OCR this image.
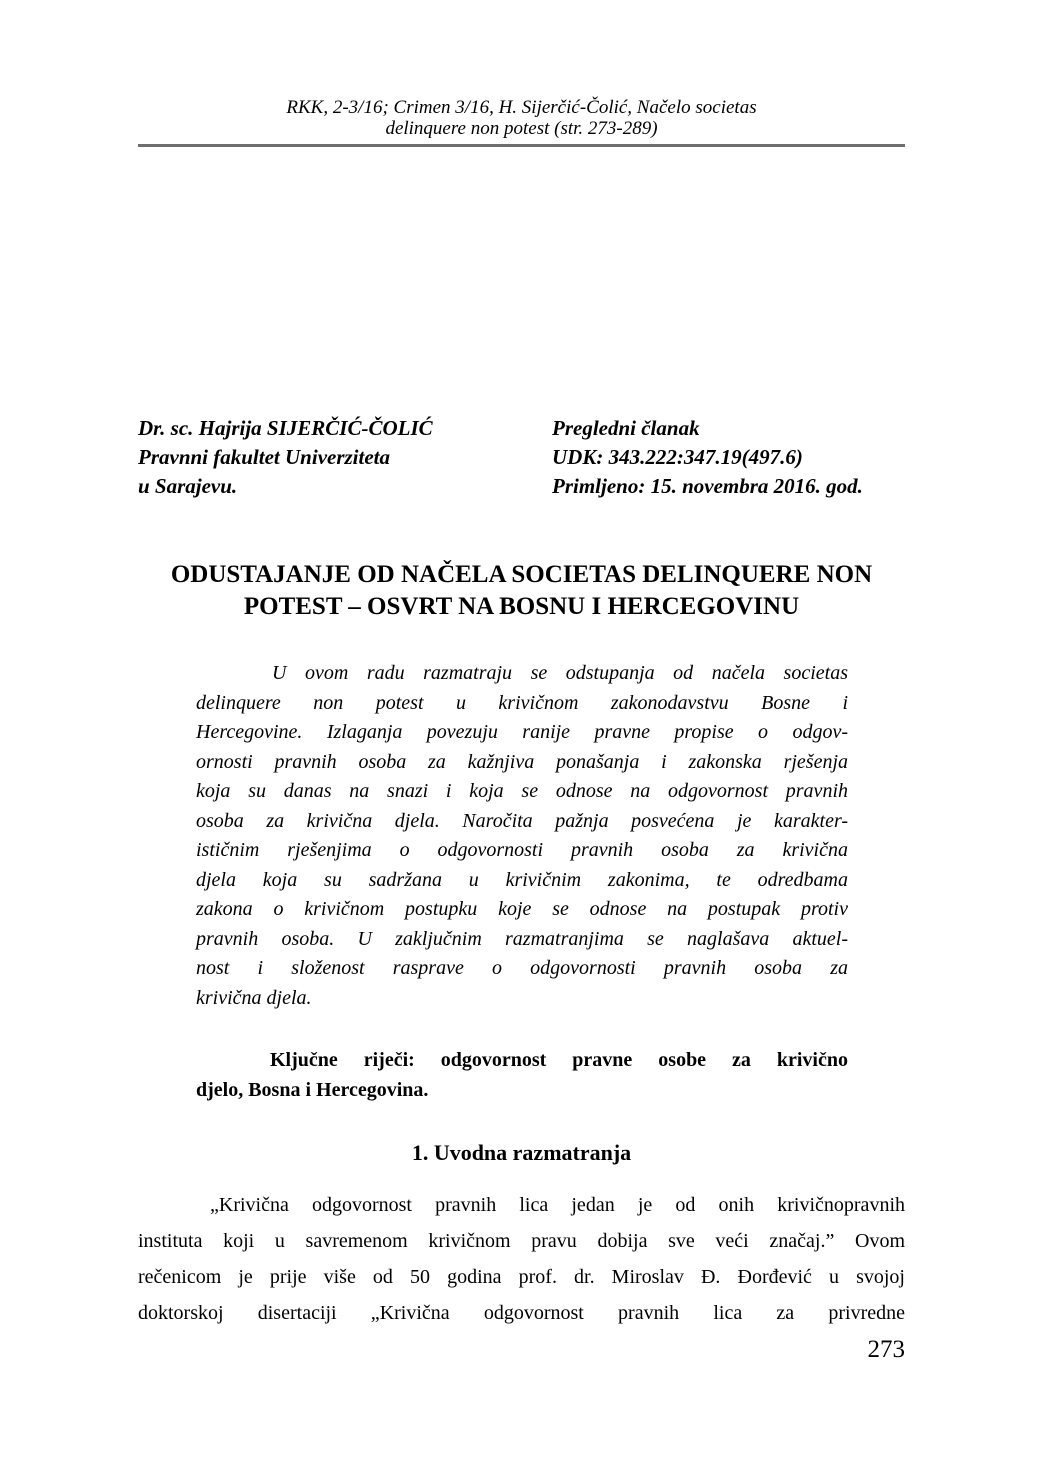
RKK, 2-3/16; Crimen 3/16, H. Sijerčić-Čolić, Načelo societas
delinquere non potest (str. 273-289)
Dr. sc. Hajrija SIJERČIĆ-ČOLIĆ
Pravnni fakultet Univerziteta
u Sarajevu.
Pregledni članak
UDK: 343.222:347.19(497.6)
Primljeno: 15. novembra 2016. god.
ODUSTAJANJE OD NAČELA SOCIETAS DELINQUERE NON
POTEST – OSVRT NA BOSNU I HERCEGOVINU
U ovom radu razmatraju se odstupanja od načela societas
delinquere non potest u krivičnom zakonodavstvu Bosne i
Hercegovine. Izlaganja povezuju ranije pravne propise o odgov-
ornosti pravnih osoba za kažnjiva ponašanja i zakonska rješenja
koja su danas na snazi i koja se odnose na odgovornost pravnih
osoba za krivična djela. Naročita pažnja posvećena je karakter-
ističnim rješenjima o odgovornosti pravnih osoba za krivična
djela koja su sadržana u krivičnim zakonima, te odredbama
zakona o krivičnom postupku koje se odnose na postupak protiv
pravnih osoba. U zaključnim razmatranjima se naglašava aktuel-
nost i složenost rasprave o odgovornosti pravnih osoba za
krivična djela.
Ključne riječi: odgovornost pravne osobe za krivično
djelo, Bosna i Hercegovina.
1. Uvodna razmatranja
„Krivična odgovornost pravnih lica jedan je od onih krivičnopravnih
instituta koji u savremenom krivičnom pravu dobija sve veći značaj.” Ovom
rečenicom je prije više od 50 godina prof. dr. Miroslav Đ. Đorđević u svojoj
doktorskoj disertaciji „Krivična odgovornost pravnih lica za privredne
273
